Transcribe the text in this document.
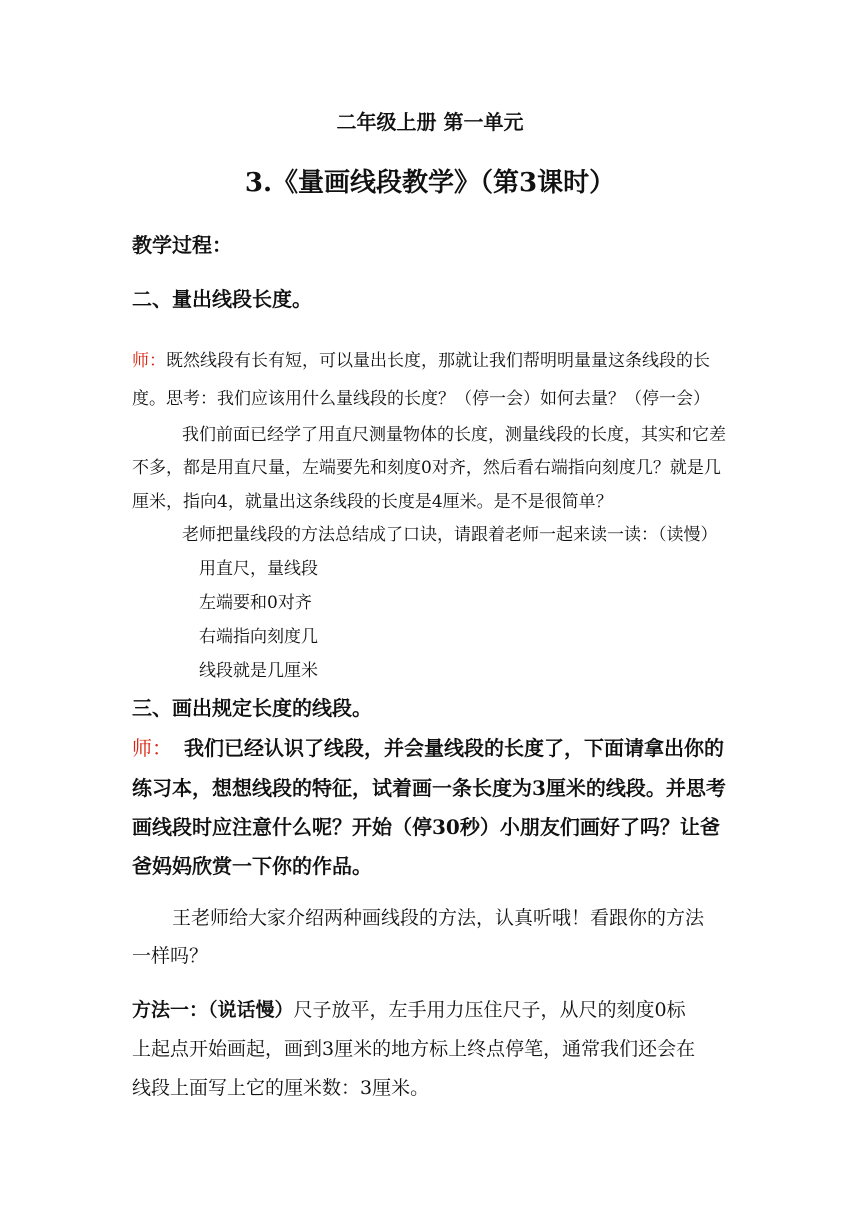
二年级上册 第一单元
3.《量画线段教学》（第3课时）
教学过程：
二、量出线段长度。
师：既然线段有长有短，可以量出长度，那就让我们帮明明量量这条线段的长
度。思考：我们应该用什么量线段的长度？（停一会）如何去量？（停一会）
我们前面已经学了用直尺测量物体的长度，测量线段的长度，其实和它差
不多，都是用直尺量，左端要先和刻度0对齐，然后看右端指向刻度几？就是几
厘米，指向4，就量出这条线段的长度是4厘米。是不是很简单？
老师把量线段的方法总结成了口诀，请跟着老师一起来读一读：（读慢）
用直尺，量线段
左端要和0对齐
右端指向刻度几
线段就是几厘米
三、画出规定长度的线段。
师： 我们已经认识了线段，并会量线段的长度了，下面请拿出你的
练习本，想想线段的特征，试着画一条长度为3厘米的线段。并思考
画线段时应注意什么呢？开始（停30秒）小朋友们画好了吗？让爸
爸妈妈欣赏一下你的作品。
王老师给大家介绍两种画线段的方法，认真听哦！看跟你的方法
一样吗？
方法一：（说话慢）尺子放平，左手用力压住尺子，从尺的刻度0标
上起点开始画起，画到3厘米的地方标上终点停笔，通常我们还会在
线段上面写上它的厘米数：3厘米。
